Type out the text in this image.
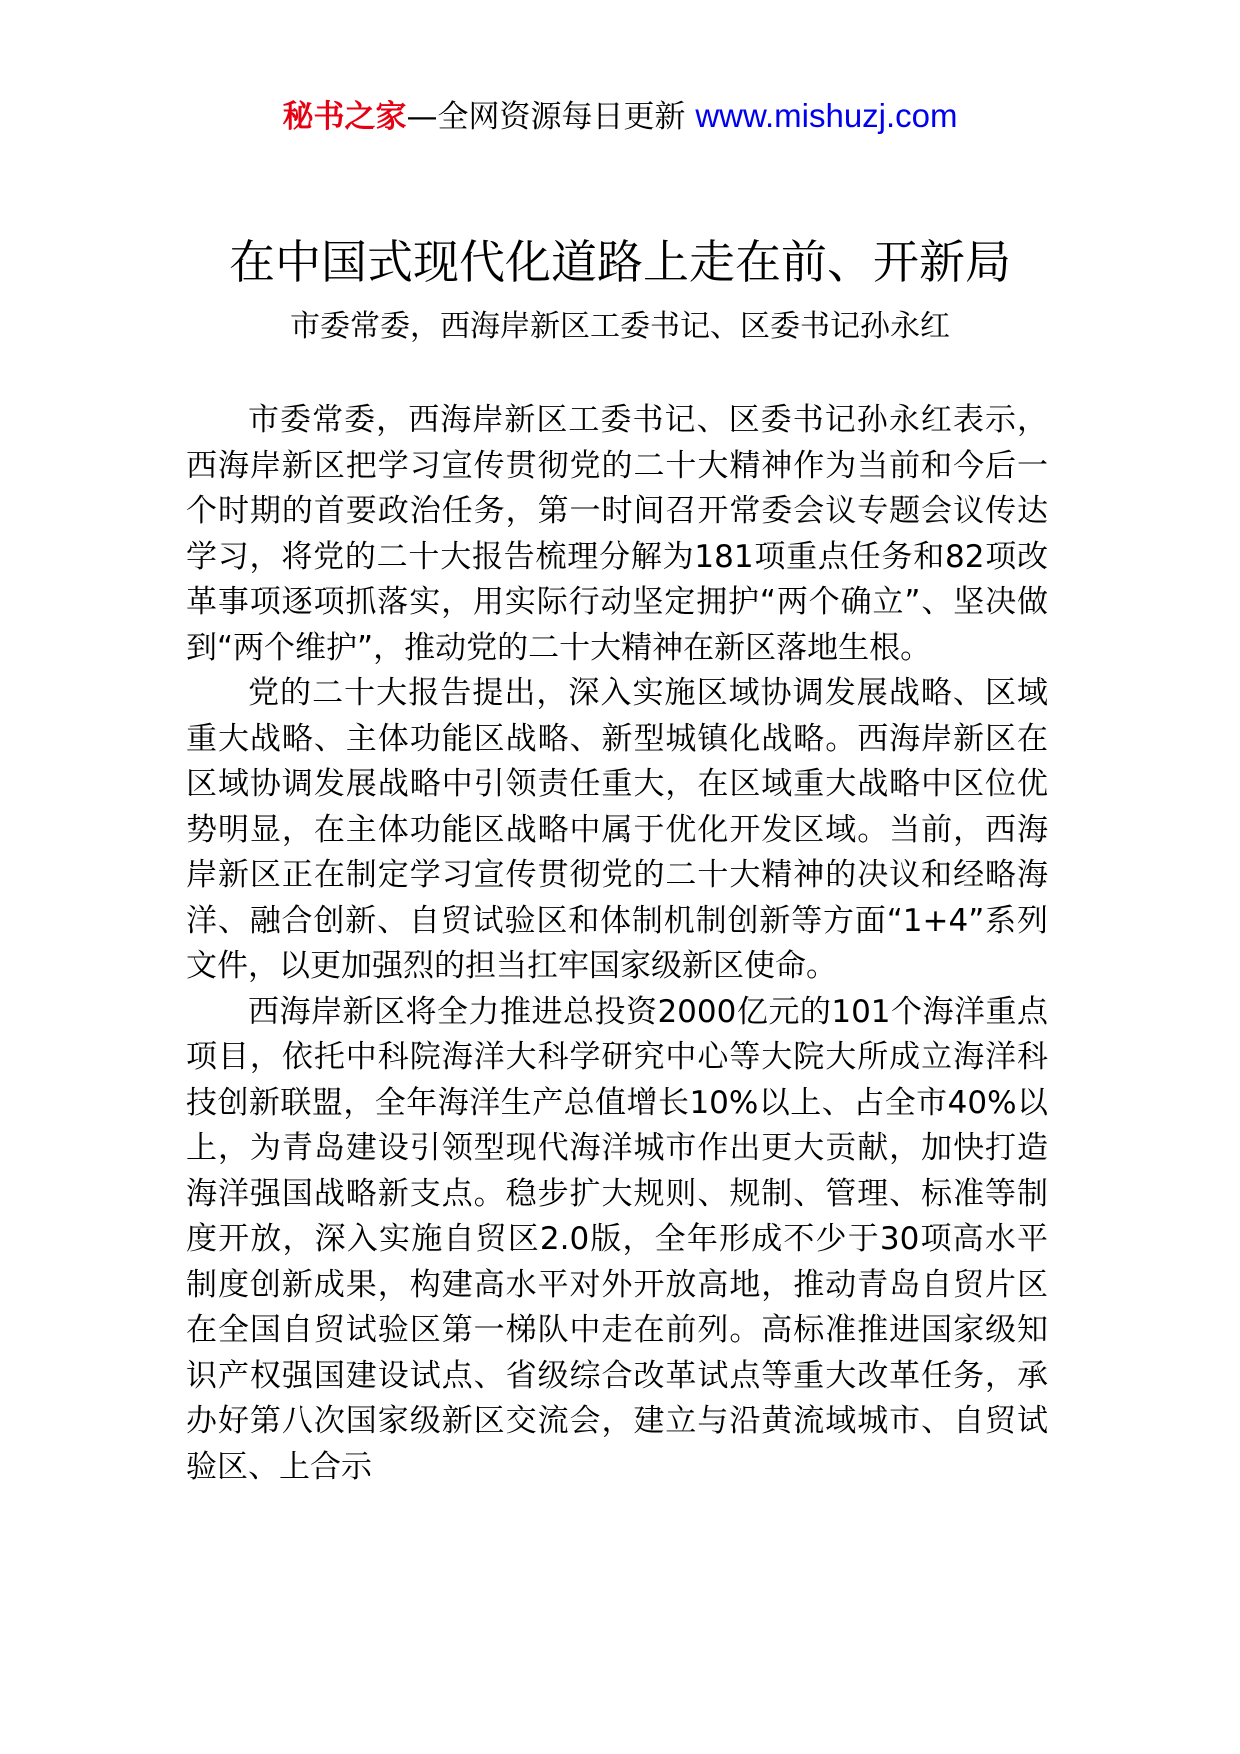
秘书之家—全网资源每日更新 www.mishuzj.com
在中国式现代化道路上走在前、开新局

市委常委，西海岸新区工委书记、区委书记孙永红

市委常委，西海岸新区工委书记、区委书记孙永红表示，西海岸新区把学习宣传贯彻党的二十大精神作为当前和今后一个时期的首要政治任务，第一时间召开常委会议专题会议传达学习，将党的二十大报告梳理分解为181项重点任务和82项改革事项逐项抓落实，用实际行动坚定拥护“两个确立”、坚决做到“两个维护”，推动党的二十大精神在新区落地生根。

党的二十大报告提出，深入实施区域协调发展战略、区域重大战略、主体功能区战略、新型城镇化战略。西海岸新区在区域协调发展战略中引领责任重大，在区域重大战略中区位优势明显，在主体功能区战略中属于优化开发区域。当前，西海岸新区正在制定学习宣传贯彻党的二十大精神的决议和经略海洋、融合创新、自贸试验区和体制机制创新等方面“1+4”系列文件，以更加强烈的担当扛牢国家级新区使命。

西海岸新区将全力推进总投资2000亿元的101个海洋重点项目，依托中科院海洋大科学研究中心等大院大所成立海洋科技创新联盟，全年海洋生产总值增长10%以上、占全市40%以上，为青岛建设引领型现代海洋城市作出更大贡献，加快打造海洋强国战略新支点。稳步扩大规则、规制、管理、标准等制度开放，深入实施自贸区2.0版，全年形成不少于30项高水平制度创新成果，构建高水平对外开放高地，推动青岛自贸片区在全国自贸试验区第一梯队中走在前列。高标准推进国家级知识产权强国建设试点、省级综合改革试点等重大改革任务，承办好第八次国家级新区交流会，建立与沿黄流域城市、自贸试验区、上合示
